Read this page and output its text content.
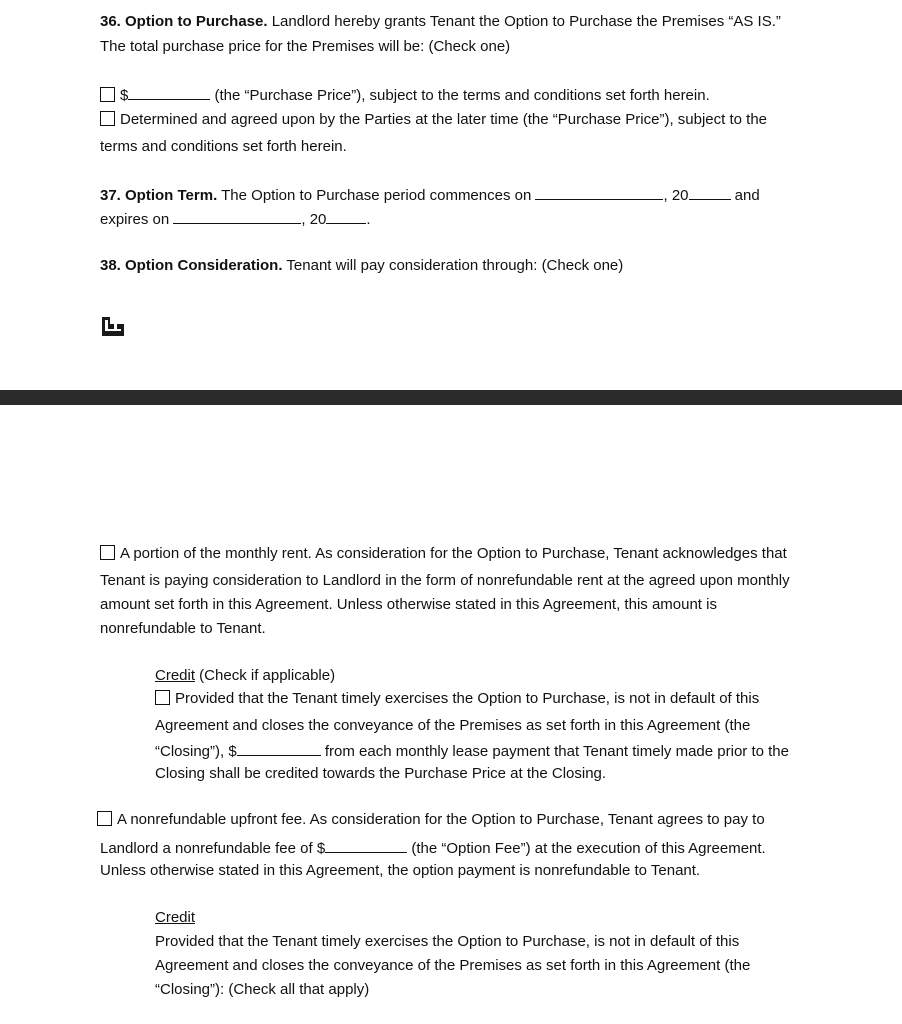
36. Option to Purchase. Landlord hereby grants Tenant the Option to Purchase the Premises “AS IS.”
The total purchase price for the Premises will be: (Check one)
$	(the “Purchase Price”), subject to the terms and conditions set forth herein.
Determined and agreed upon by the Parties at the later time (the “Purchase Price”), subject to the
terms and conditions set forth herein.
37. Option Term. The Option to Purchase period commences on	, 20	and
expires on	, 20	.
38. Option Consideration. Tenant will pay consideration through: (Check one)
A portion of the monthly rent. As consideration for the Option to Purchase, Tenant acknowledges that
Tenant is paying consideration to Landlord in the form of nonrefundable rent at the agreed upon monthly
amount set forth in this Agreement. Unless otherwise stated in this Agreement, this amount is
nonrefundable to Tenant.
Credit (Check if applicable)
Provided that the Tenant timely exercises the Option to Purchase, is not in default of this
Agreement and closes the conveyance of the Premises as set forth in this Agreement (the
“Closing”), $	from each monthly lease payment that Tenant timely made prior to the
Closing shall be credited towards the Purchase Price at the Closing.
A nonrefundable upfront fee. As consideration for the Option to Purchase, Tenant agrees to pay to
Landlord a nonrefundable fee of $	(the “Option Fee”) at the execution of this Agreement.
Unless otherwise stated in this Agreement, the option payment is nonrefundable to Tenant.
Credit
Provided that the Tenant timely exercises the Option to Purchase, is not in default of this
Agreement and closes the conveyance of the Premises as set forth in this Agreement (the
“Closing”): (Check all that apply)
